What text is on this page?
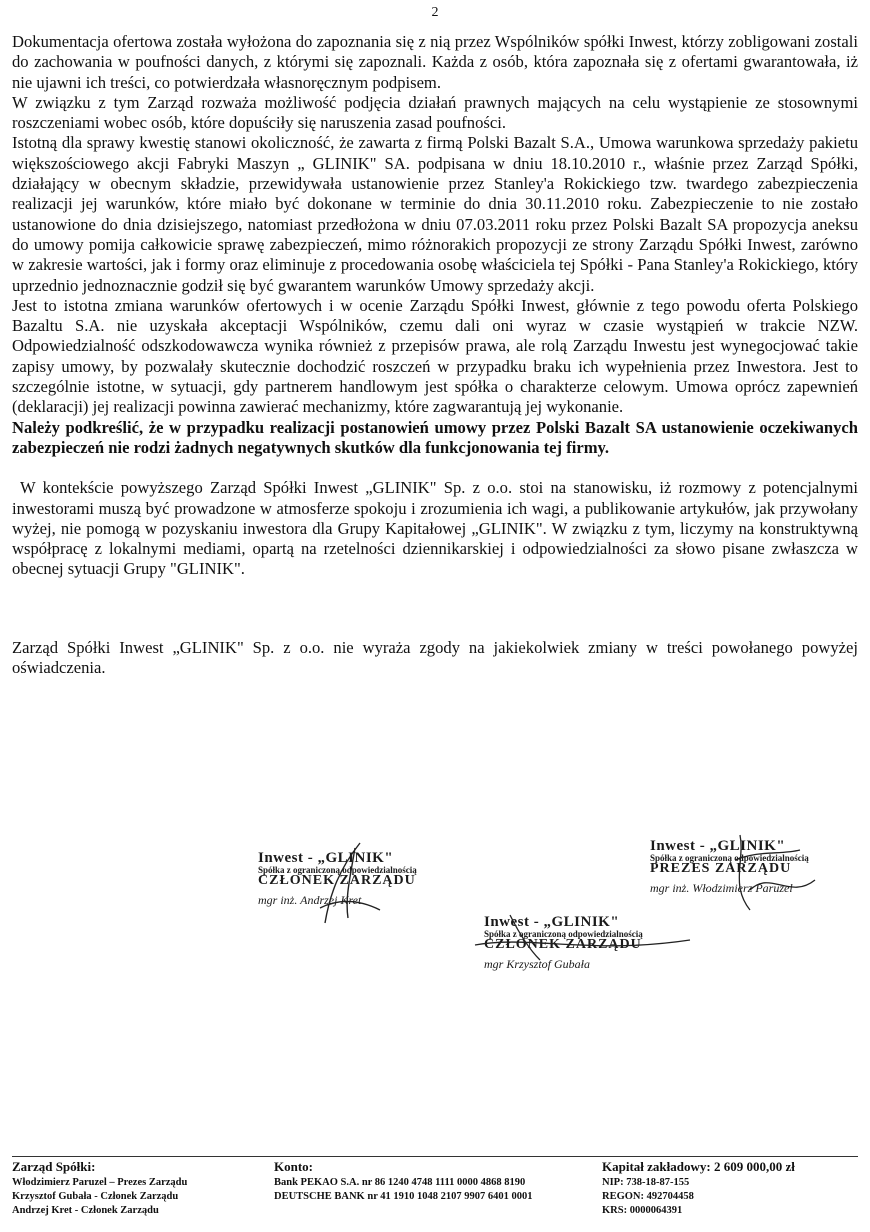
2

Dokumentacja ofertowa została wyłożona do zapoznania się z nią przez Wspólników spółki Inwest, którzy zobligowani zostali do zachowania w poufności danych, z którymi się zapoznali. Każda z osób, która zapoznała się z ofertami gwarantowała, iż nie ujawni ich treści, co potwierdzała własnoręcznym podpisem.

W związku z tym Zarząd rozważa możliwość podjęcia działań prawnych mających na celu wystąpienie ze stosownymi roszczeniami wobec osób, które dopuściły się naruszenia zasad poufności.

Istotną dla sprawy kwestię stanowi okoliczność, że zawarta z firmą Polski Bazalt S.A., Umowa warunkowa sprzedaży pakietu większościowego akcji Fabryki Maszyn „ GLINIK" SA. podpisana w dniu 18.10.2010 r., właśnie przez Zarząd Spółki, działający w obecnym składzie, przewidywała ustanowienie przez Stanley'a Rokickiego tzw. twardego zabezpieczenia realizacji jej warunków, które miało być dokonane w terminie do dnia 30.11.2010 roku. Zabezpieczenie to nie zostało ustanowione do dnia dzisiejszego, natomiast przedłożona w dniu 07.03.2011 roku przez Polski Bazalt SA propozycja aneksu do umowy pomija całkowicie sprawę zabezpieczeń, mimo różnorakich propozycji ze strony Zarządu Spółki Inwest, zarówno w zakresie wartości, jak i formy oraz eliminuje z procedowania osobę właściciela tej Spółki - Pana Stanley'a Rokickiego, który uprzednio jednoznacznie godził się być gwarantem warunków Umowy sprzedaży akcji.

Jest to istotna zmiana warunków ofertowych i w ocenie Zarządu Spółki Inwest, głównie z tego powodu oferta Polskiego Bazaltu S.A. nie uzyskała akceptacji Wspólników, czemu dali oni wyraz w czasie wystąpień w trakcie NZW. Odpowiedzialność odszkodowawcza wynika również z przepisów prawa, ale rolą Zarządu Inwestu jest wynegocjować takie zapisy umowy, by pozwalały skutecznie dochodzić roszczeń w przypadku braku ich wypełnienia przez Inwestora. Jest to szczególnie istotne, w sytuacji, gdy partnerem handlowym jest spółka o charakterze celowym. Umowa oprócz zapewnień (deklaracji) jej realizacji powinna zawierać mechanizmy, które zagwarantują jej wykonanie.

Należy podkreślić, że w przypadku realizacji postanowień umowy przez Polski Bazalt SA ustanowienie oczekiwanych zabezpieczeń nie rodzi żadnych negatywnych skutków dla funkcjonowania tej firmy.

W kontekście powyższego Zarząd Spółki Inwest „GLINIK" Sp. z o.o. stoi na stanowisku, iż rozmowy z potencjalnymi inwestorami muszą być prowadzone w atmosferze spokoju i zrozumienia ich wagi, a publikowanie artykułów, jak przywołany wyżej, nie pomogą w pozyskaniu inwestora dla Grupy Kapitałowej „GLINIK". W związku z tym, liczymy na konstruktywną współpracę z lokalnymi mediami, opartą na rzetelności dziennikarskiej i odpowiedzialności za słowo pisane zwłaszcza w obecnej sytuacji Grupy "GLINIK".

Zarząd Spółki Inwest „GLINIK" Sp. z o.o. nie wyraża zgody na jakiekolwiek zmiany w treści powołanego powyżej oświadczenia.

Inwest - „GLINIK"
Spółka z ograniczoną odpowiedzialnością
CZŁONEK ZARZĄDU
mgr inż. Andrzej Kret
Inwest - „GLINIK"
Spółka z ograniczoną odpowiedzialnością
PREZES ZARZĄDU
mgr inż. Włodzimierz Paruzel
Inwest - „GLINIK"
Spółka z ograniczoną odpowiedzialnością
CZŁONEK ZARZĄDU
mgr Krzysztof Gubała
Zarząd Spółki:
Włodzimierz Paruzel – Prezes Zarządu
Krzysztof Gubała - Członek Zarządu
Andrzej Kret - Członek Zarządu
Konto:
Bank PEKAO S.A. nr 86 1240 4748 1111 0000 4868 8190
DEUTSCHE BANK nr 41 1910 1048 2107 9907 6401 0001
Kapitał zakładowy: 2 609 000,00 zł
NIP: 738-18-87-155
REGON: 492704458
KRS: 0000064391
